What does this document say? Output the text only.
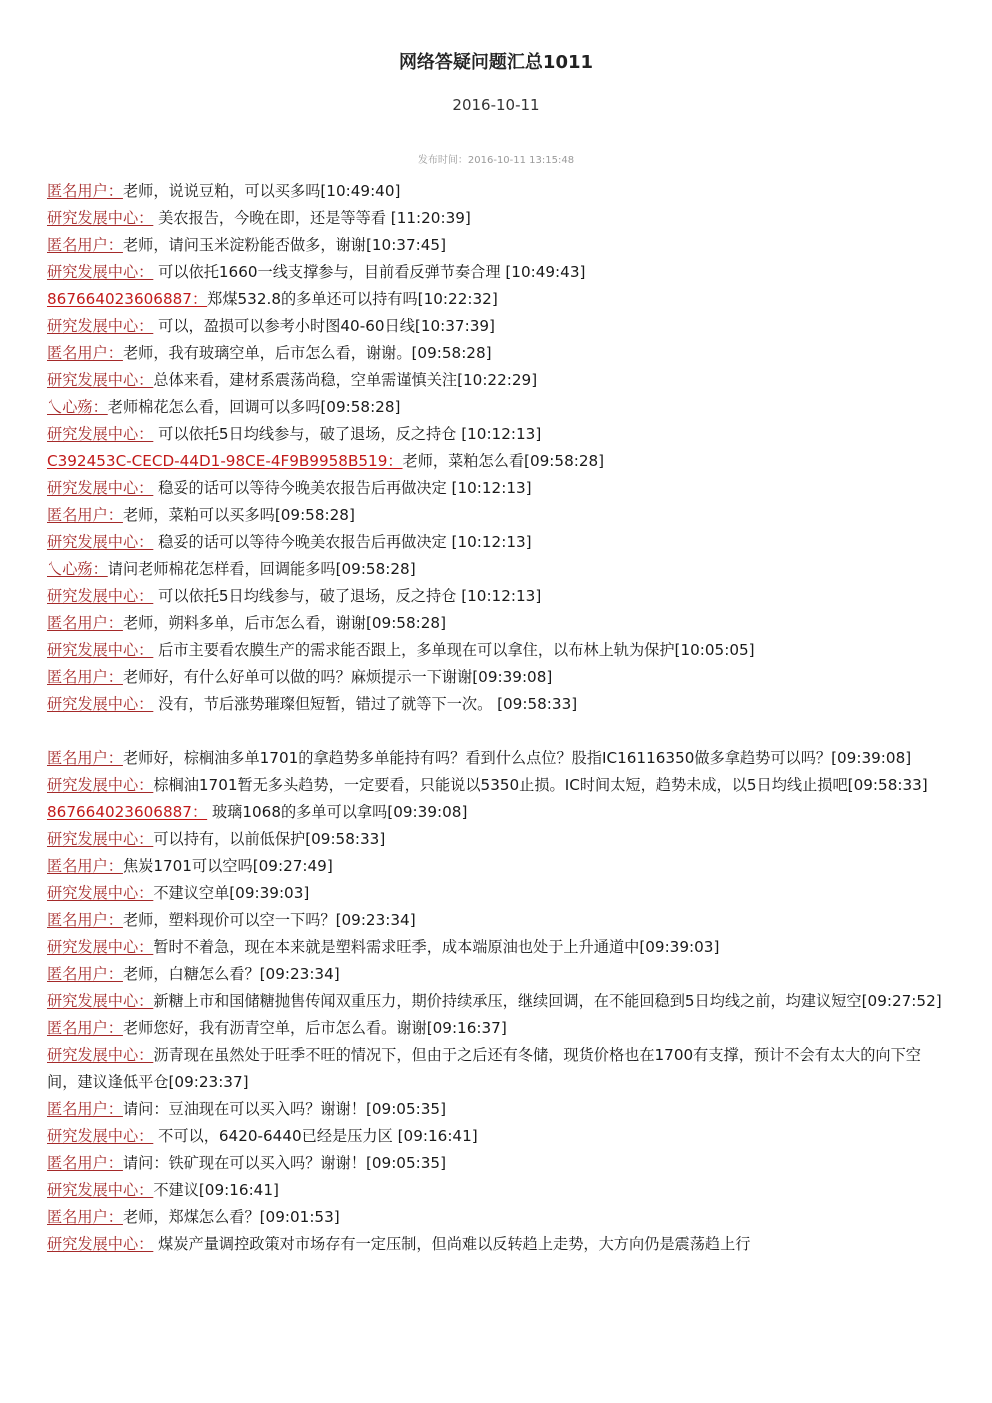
网络答疑问题汇总1011
2016-10-11
发布时间：2016-10-11 13:15:48
匿名用户：老师，说说豆粕，可以买多吗[10:49:40]
研究发展中心： 美农报告，今晚在即，还是等等看 [11:20:39]
匿名用户：老师，请问玉米淀粉能否做多，谢谢[10:37:45]
研究发展中心： 可以依托1660一线支撑参与，目前看反弹节奏合理 [10:49:43]
867664023606887：郑煤532.8的多单还可以持有吗[10:22:32]
研究发展中心： 可以，盈损可以参考小时图40-60日线[10:37:39]
匿名用户：老师，我有玻璃空单，后市怎么看，谢谢。[09:58:28]
研究发展中心：总体来看，建材系震荡尚稳，空单需谨慎关注[10:22:29]
乀心殇：老师棉花怎么看，回调可以多吗[09:58:28]
研究发展中心： 可以依托5日均线参与，破了退场，反之持仓 [10:12:13]
C392453C-CECD-44D1-98CE-4F9B9958B519：老师，菜粕怎么看[09:58:28]
研究发展中心： 稳妥的话可以等待今晚美农报告后再做决定 [10:12:13]
匿名用户：老师，菜粕可以买多吗[09:58:28]
研究发展中心： 稳妥的话可以等待今晚美农报告后再做决定 [10:12:13]
乀心殇：请问老师棉花怎样看，回调能多吗[09:58:28]
研究发展中心： 可以依托5日均线参与，破了退场，反之持仓 [10:12:13]
匿名用户：老师，朔料多单，后市怎么看，谢谢[09:58:28]
研究发展中心： 后市主要看农膜生产的需求能否跟上，多单现在可以拿住，以布林上轨为保护[10:05:05]
匿名用户：老师好，有什么好单可以做的吗？麻烦提示一下谢谢[09:39:08]
研究发展中心： 没有，节后涨势璀璨但短暂，错过了就等下一次。 [09:58:33]
匿名用户：老师好，棕榈油多单1701的拿趋势多单能持有吗？看到什么点位？股指IC16116350做多拿趋势可以吗？[09:39:08]
研究发展中心：棕榈油1701暂无多头趋势，一定要看，只能说以5350止损。IC时间太短，趋势未成，以5日均线止损吧[09:58:33]
867664023606887： 玻璃1068的多单可以拿吗[09:39:08]
研究发展中心：可以持有，以前低保护[09:58:33]
匿名用户：焦炭1701可以空吗[09:27:49]
研究发展中心：不建议空单[09:39:03]
匿名用户：老师，塑料现价可以空一下吗？[09:23:34]
研究发展中心：暂时不着急，现在本来就是塑料需求旺季，成本端原油也处于上升通道中[09:39:03]
匿名用户：老师，白糖怎么看？[09:23:34]
研究发展中心：新糖上市和国储糖抛售传闻双重压力，期价持续承压，继续回调，在不能回稳到5日均线之前，均建议短空[09:27:52]
匿名用户：老师您好，我有沥青空单，后市怎么看。谢谢[09:16:37]
研究发展中心：沥青现在虽然处于旺季不旺的情况下，但由于之后还有冬储，现货价格也在1700有支撑，预计不会有太大的向下空间，建议逢低平仓[09:23:37]
匿名用户：请问：豆油现在可以买入吗？谢谢！[09:05:35]
研究发展中心： 不可以，6420-6440已经是压力区 [09:16:41]
匿名用户：请问：铁矿现在可以买入吗？谢谢！[09:05:35]
研究发展中心：不建议[09:16:41]
匿名用户：老师，郑煤怎么看？[09:01:53]
研究发展中心： 煤炭产量调控政策对市场存有一定压制，但尚难以反转趋上走势，大方向仍是震荡趋上行
